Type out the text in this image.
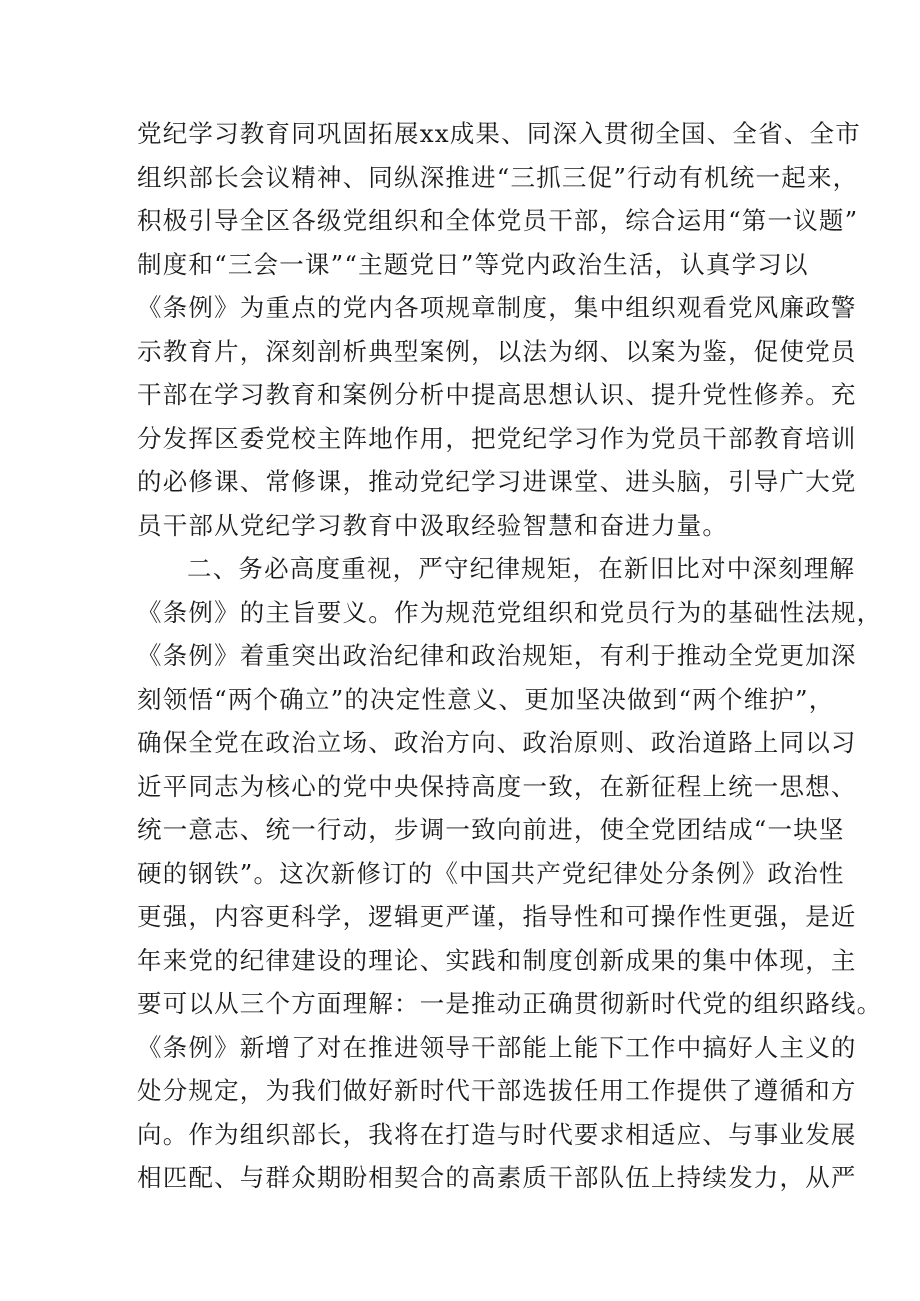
党纪学习教育同巩固拓展xx成果、同深入贯彻全国、全省、全市
组织部长会议精神、同纵深推进“三抓三促”行动有机统一起来，
积极引导全区各级党组织和全体党员干部，综合运用“第一议题”
制度和“三会一课”“主题党日”等党内政治生活，认真学习以
《条例》为重点的党内各项规章制度，集中组织观看党风廉政警
示教育片，深刻剖析典型案例，以法为纲、以案为鉴，促使党员
干部在学习教育和案例分析中提高思想认识、提升党性修养。充
分发挥区委党校主阵地作用，把党纪学习作为党员干部教育培训
的必修课、常修课，推动党纪学习进课堂、进头脑，引导广大党
员干部从党纪学习教育中汲取经验智慧和奋进力量。
二、务必高度重视，严守纪律规矩，在新旧比对中深刻理解
《条例》的主旨要义。作为规范党组织和党员行为的基础性法规，
《条例》着重突出政治纪律和政治规矩，有利于推动全党更加深
刻领悟“两个确立”的决定性意义、更加坚决做到“两个维护”，
确保全党在政治立场、政治方向、政治原则、政治道路上同以习
近平同志为核心的党中央保持高度一致，在新征程上统一思想、
统一意志、统一行动，步调一致向前进，使全党团结成“一块坚
硬的钢铁”。这次新修订的《中国共产党纪律处分条例》政治性
更强，内容更科学，逻辑更严谨，指导性和可操作性更强，是近
年来党的纪律建设的理论、实践和制度创新成果的集中体现，主
要可以从三个方面理解：一是推动正确贯彻新时代党的组织路线。
《条例》新增了对在推进领导干部能上能下工作中搞好人主义的
处分规定，为我们做好新时代干部选拔任用工作提供了遵循和方
向。作为组织部长，我将在打造与时代要求相适应、与事业发展
相匹配、与群众期盼相契合的高素质干部队伍上持续发力，从严
